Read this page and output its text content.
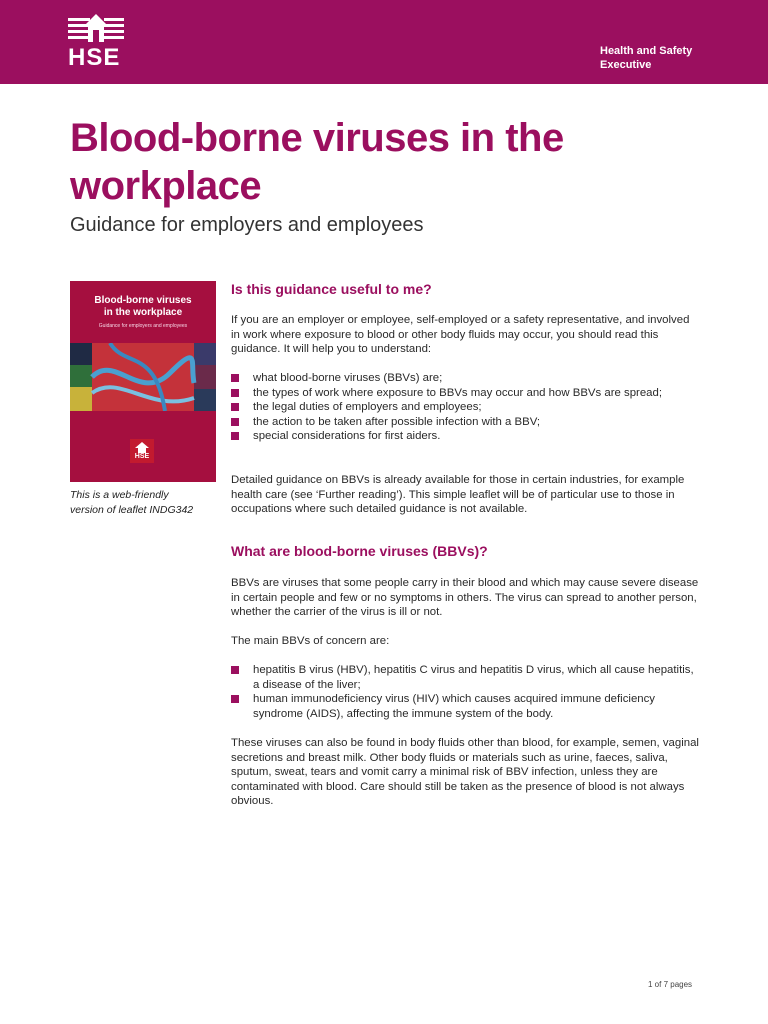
HSE	Health and Safety
Executive
Blood-borne viruses in the workplace
Guidance for employers and employees
Blood-borne viruses
in the workplace
Guidance for employers and employees
HSE
This is a web-friendly
version of leaflet INDG342
Is this guidance useful to me?

If you are an employer or employee, self-employed or a safety representative, and involved in work where exposure to blood or other body fluids may occur, you should read this guidance. It will help you to understand:

what blood-borne viruses (BBVs) are;
the types of work where exposure to BBVs may occur and how BBVs are spread;
the legal duties of employers and employees;
the action to be taken after possible infection with a BBV;
special considerations for first aiders.

Detailed guidance on BBVs is already available for those in certain industries, for example health care (see ‘Further reading’). This simple leaflet will be of particular use to those in occupations where such detailed guidance is not available.

What are blood-borne viruses (BBVs)?

BBVs are viruses that some people carry in their blood and which may cause severe disease in certain people and few or no symptoms in others. The virus can spread to another person, whether the carrier of the virus is ill or not.

The main BBVs of concern are:

hepatitis B virus (HBV), hepatitis C virus and hepatitis D virus, which all cause hepatitis, a disease of the liver;
human immunodeficiency virus (HIV) which causes acquired immune deficiency syndrome (AIDS), affecting the immune system of the body.

These viruses can also be found in body fluids other than blood, for example, semen, vaginal secretions and breast milk. Other body fluids or materials such as urine, faeces, saliva, sputum, sweat, tears and vomit carry a minimal risk of BBV infection, unless they are contaminated with blood. Care should still be taken as the presence of blood is not always obvious.

1 of 7 pages
